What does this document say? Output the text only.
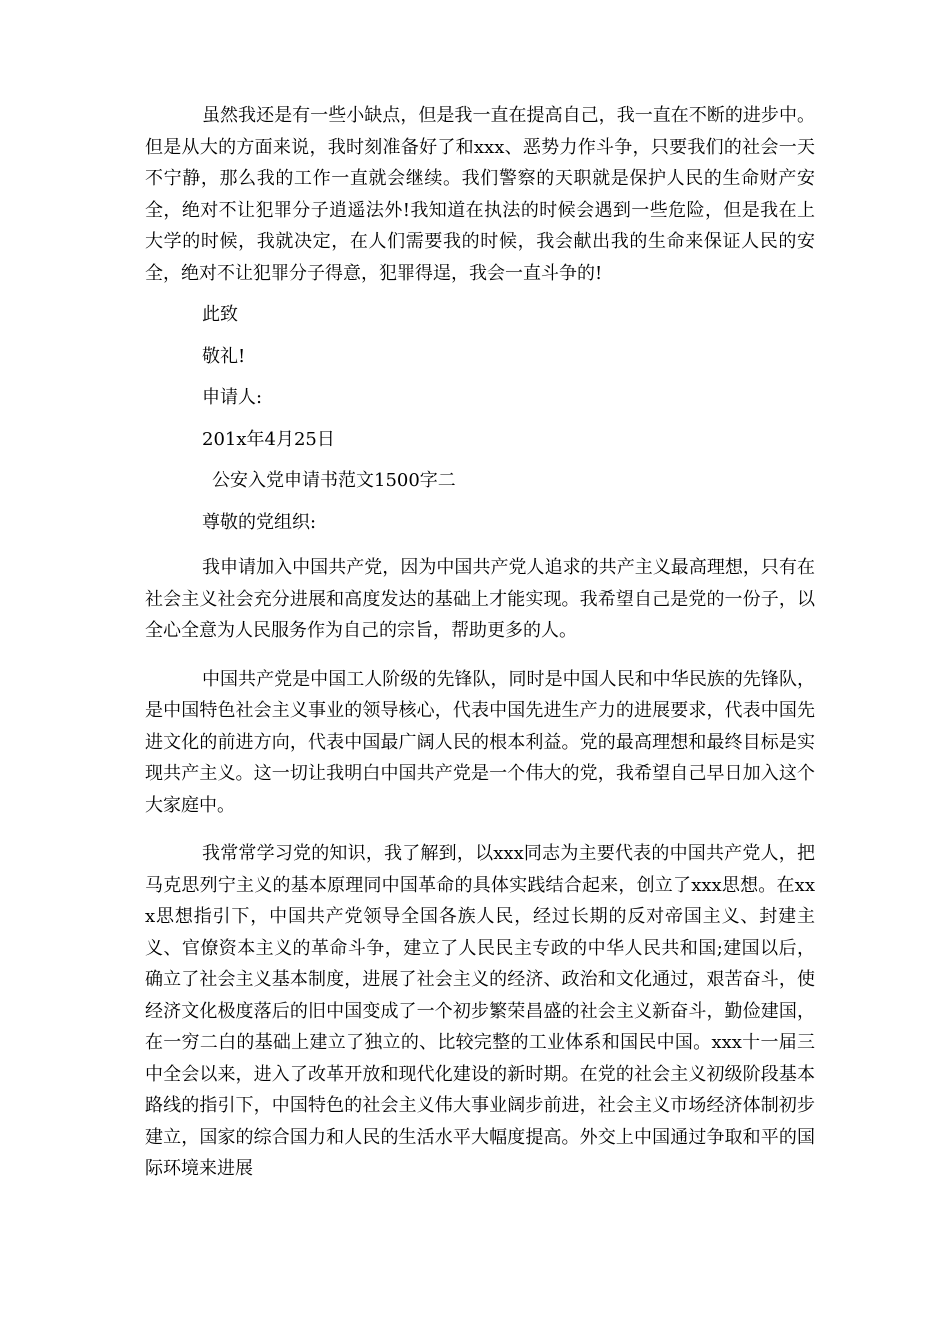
虽然我还是有一些小缺点，但是我一直在提高自己，我一直在不断的进步中。但是从大的方面来说，我时刻准备好了和xxx、恶势力作斗争，只要我们的社会一天不宁静，那么我的工作一直就会继续。我们警察的天职就是保护人民的生命财产安全，绝对不让犯罪分子逍遥法外!我知道在执法的时候会遇到一些危险，但是我在上大学的时候，我就决定，在人们需要我的时候，我会献出我的生命来保证人民的安全，绝对不让犯罪分子得意，犯罪得逞，我会一直斗争的!

此致

敬礼!

申请人:

201x年4月25日

公安入党申请书范文1500字二

尊敬的党组织:

我申请加入中国共产党，因为中国共产党人追求的共产主义最高理想，只有在社会主义社会充分进展和高度发达的基础上才能实现。我希望自己是党的一份子，以全心全意为人民服务作为自己的宗旨，帮助更多的人。

中国共产党是中国工人阶级的先锋队，同时是中国人民和中华民族的先锋队，是中国特色社会主义事业的领导核心，代表中国先进生产力的进展要求，代表中国先进文化的前进方向，代表中国最广阔人民的根本利益。党的最高理想和最终目标是实现共产主义。这一切让我明白中国共产党是一个伟大的党，我希望自己早日加入这个大家庭中。

我常常学习党的知识，我了解到，以xxx同志为主要代表的中国共产党人，把马克思列宁主义的基本原理同中国革命的具体实践结合起来，创立了xxx思想。在xxx思想指引下，中国共产党领导全国各族人民，经过长期的反对帝国主义、封建主义、官僚资本主义的革命斗争，建立了人民民主专政的中华人民共和国;建国以后，确立了社会主义基本制度，进展了社会主义的经济、政治和文化通过，艰苦奋斗，使经济文化极度落后的旧中国变成了一个初步繁荣昌盛的社会主义新奋斗，勤俭建国，在一穷二白的基础上建立了独立的、比较完整的工业体系和国民中国。xxx十一届三中全会以来，进入了改革开放和现代化建设的新时期。在党的社会主义初级阶段基本路线的指引下，中国特色的社会主义伟大事业阔步前进，社会主义市场经济体制初步建立，国家的综合国力和人民的生活水平大幅度提高。外交上中国通过争取和平的国际环境来进展
